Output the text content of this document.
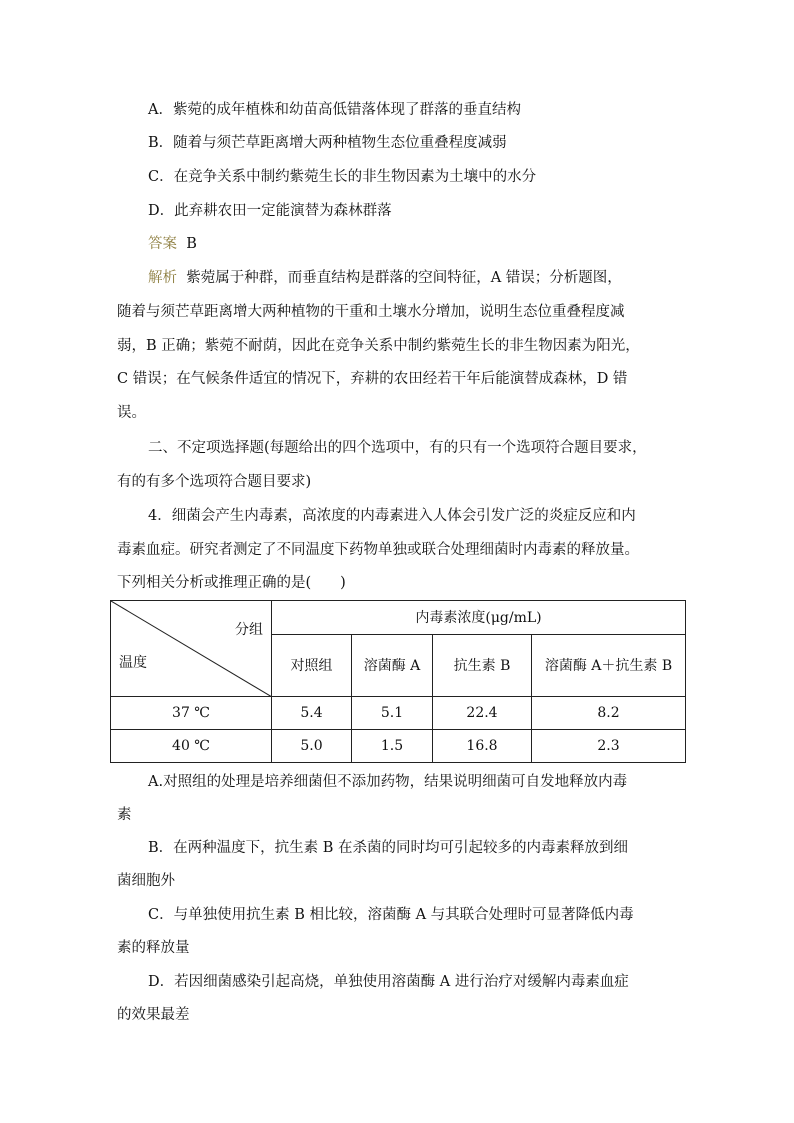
A．紫菀的成年植株和幼苗高低错落体现了群落的垂直结构
B．随着与须芒草距离增大两种植物生态位重叠程度减弱
C．在竞争关系中制约紫菀生长的非生物因素为土壤中的水分
D．此弃耕农田一定能演替为森林群落
答案 B
解析 紫菀属于种群，而垂直结构是群落的空间特征，A 错误；分析题图，
随着与须芒草距离增大两种植物的干重和土壤水分增加，说明生态位重叠程度减
弱，B 正确；紫菀不耐荫，因此在竞争关系中制约紫菀生长的非生物因素为阳光，
C 错误；在气候条件适宜的情况下，弃耕的农田经若干年后能演替成森林，D 错
误。
二、不定项选择题(每题给出的四个选项中，有的只有一个选项符合题目要求，
有的有多个选项符合题目要求)
4．细菌会产生内毒素，高浓度的内毒素进入人体会引发广泛的炎症反应和内
毒素血症。研究者测定了不同温度下药物单独或联合处理细菌时内毒素的释放量。
下列相关分析或推理正确的是(　　)
分组
温度	内毒素浓度(μg/mL)			
	对照组	溶菌酶 A	抗生素 B	溶菌酶 A＋抗生素 B
37 ℃	5.4	5.1	22.4	8.2
40 ℃	5.0	1.5	16.8	2.3
A.对照组的处理是培养细菌但不添加药物，结果说明细菌可自发地释放内毒
素
B．在两种温度下，抗生素 B 在杀菌的同时均可引起较多的内毒素释放到细
菌细胞外
C．与单独使用抗生素 B 相比较，溶菌酶 A 与其联合处理时可显著降低内毒
素的释放量
D．若因细菌感染引起高烧，单独使用溶菌酶 A 进行治疗对缓解内毒素血症
的效果最差
